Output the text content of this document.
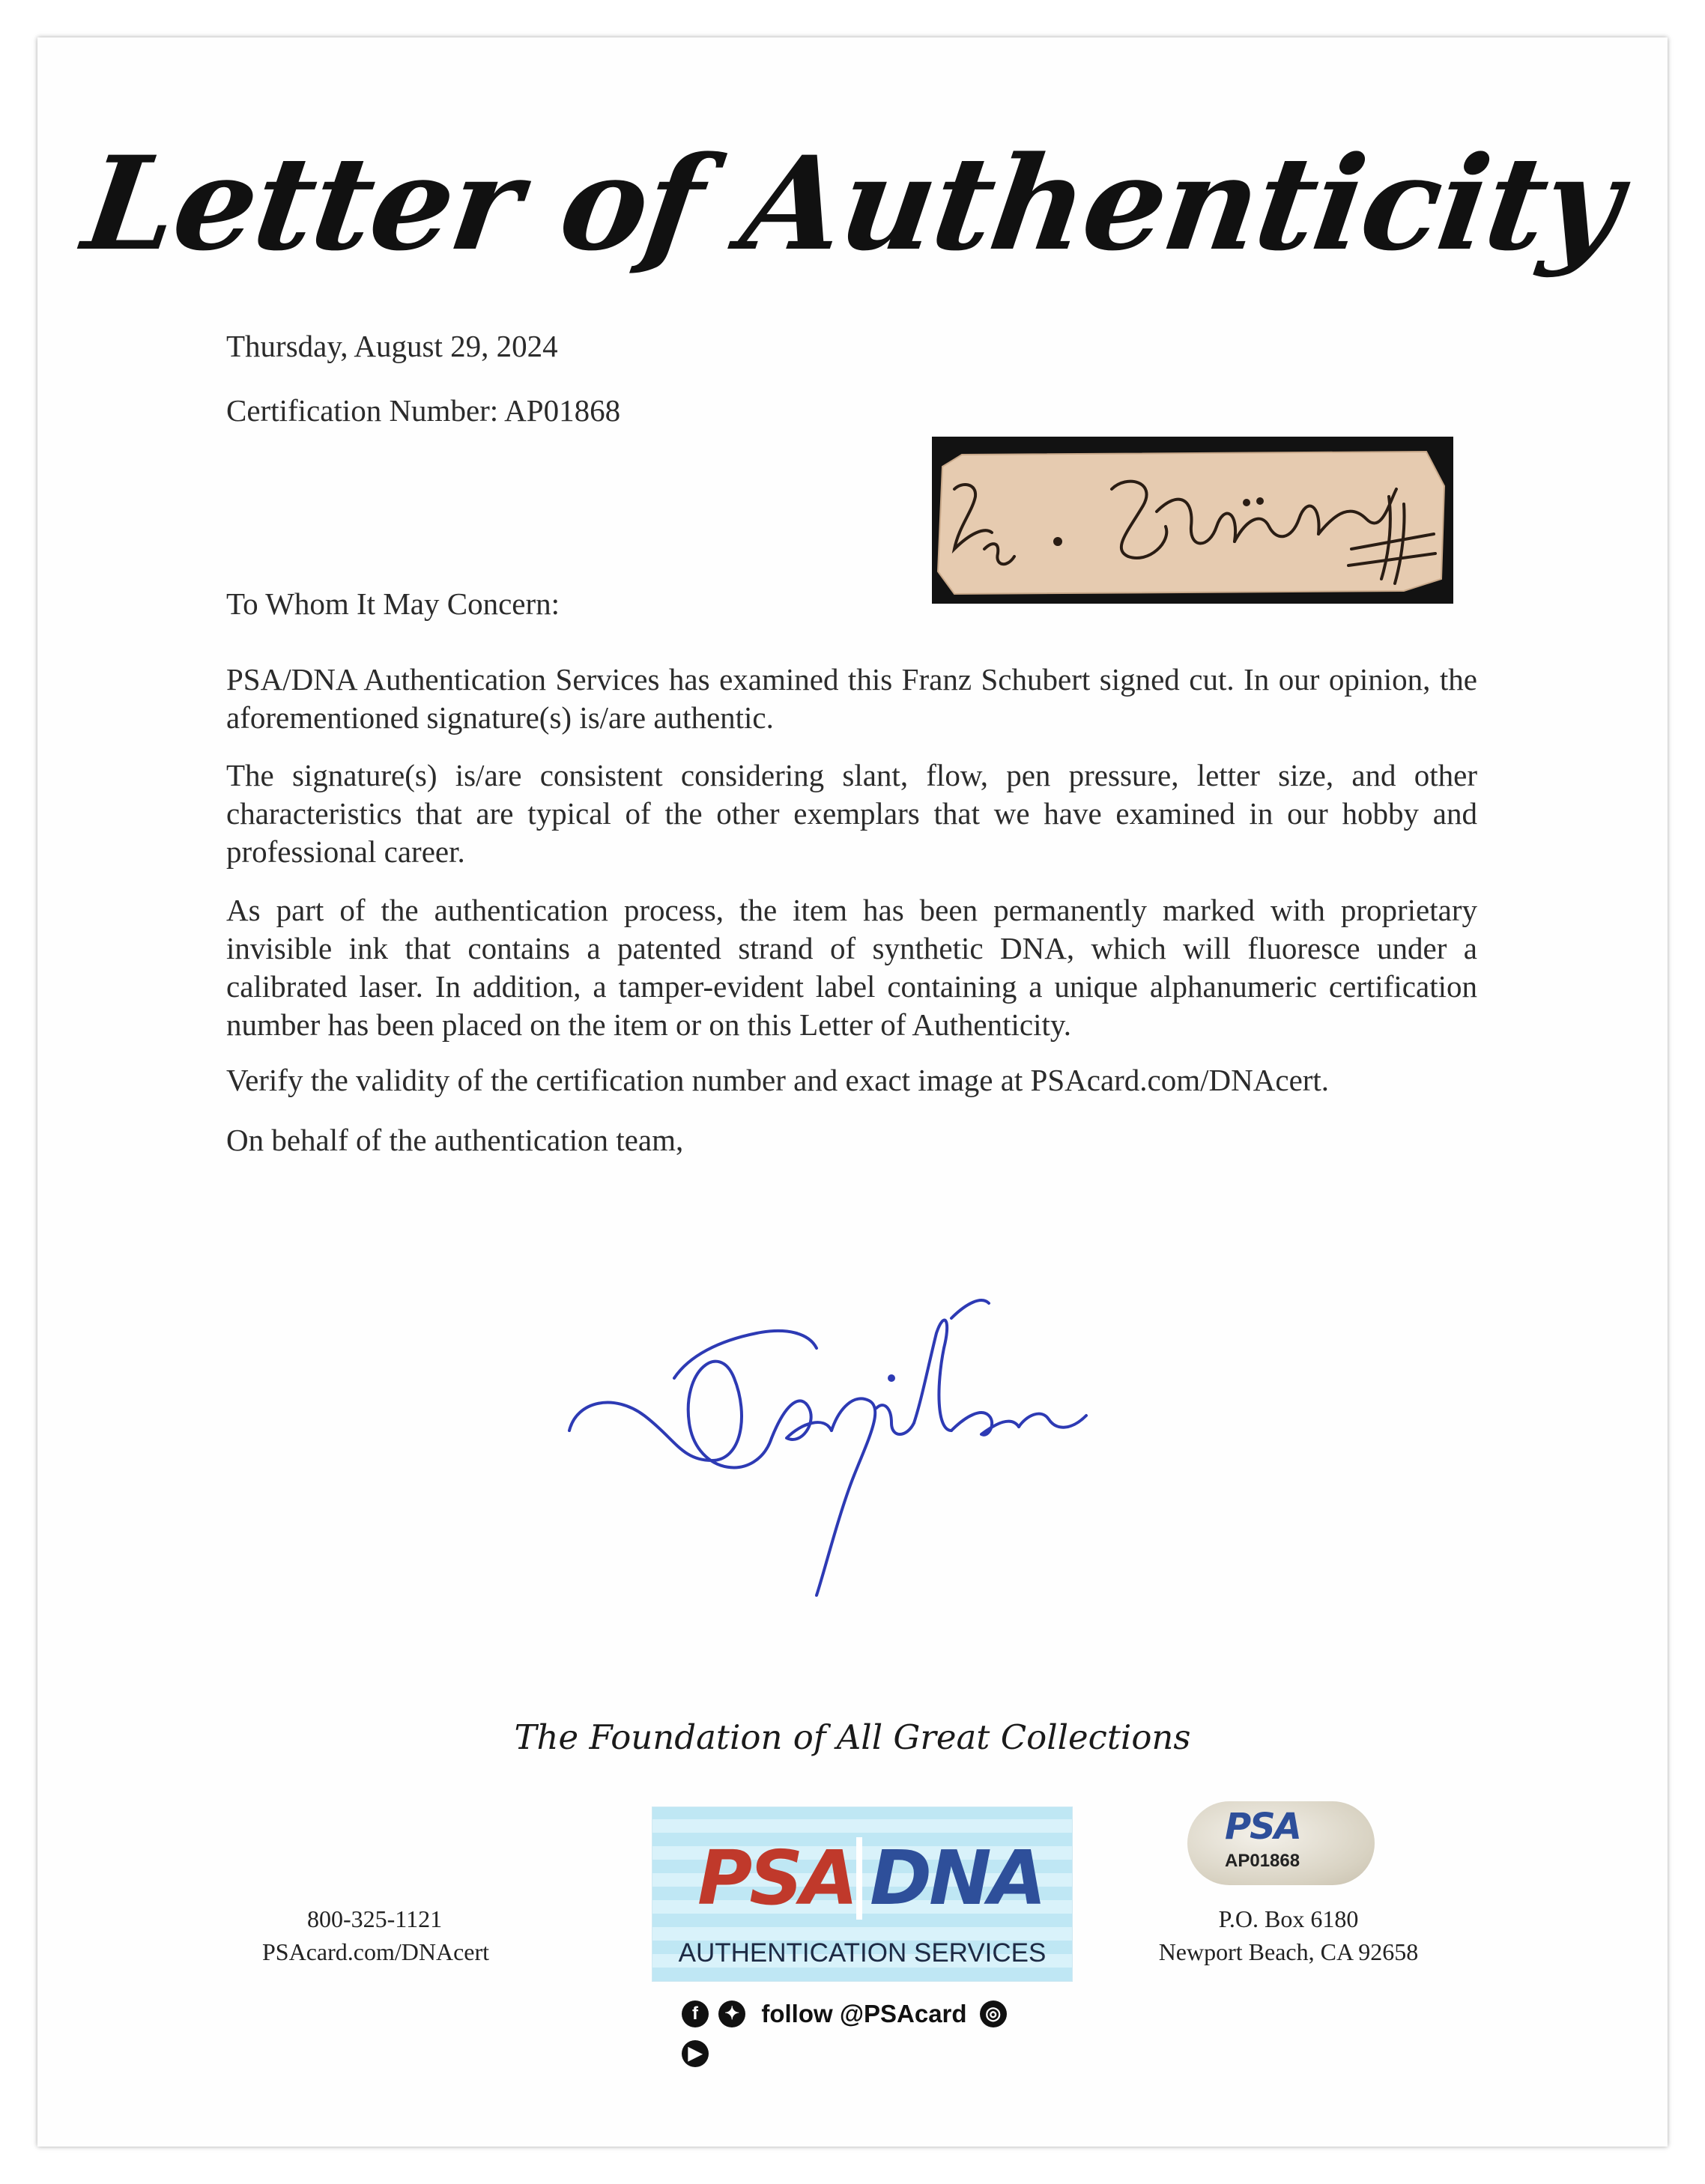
Letter of Authenticity
Thursday, August 29, 2024
Certification Number: AP01868
To Whom It May Concern:
PSA/DNA Authentication Services has examined this Franz Schubert signed cut. In our opinion, the aforementioned signature(s) is/are authentic.
The signature(s) is/are consistent considering slant, flow, pen pressure, letter size, and other characteristics that are typical of the other exemplars that we have examined in our hobby and professional career.
As part of the authentication process, the item has been permanently marked with proprietary invisible ink that contains a patented strand of synthetic DNA, which will fluoresce under a calibrated laser. In addition, a tamper-evident label containing a unique alphanumeric certification number has been placed on the item or on this Letter of Authenticity.
Verify the validity of the certification number and exact image at PSAcard.com/DNAcert.
On behalf of the authentication team,
The Foundation of All Great Collections
800-325-1121
PSAcard.com/DNAcert
PSA DNA
AUTHENTICATION SERVICES
f ✦ follow @PSAcard ◎ ▶
PSA
AP01868
P.O. Box 6180
Newport Beach, CA 92658
